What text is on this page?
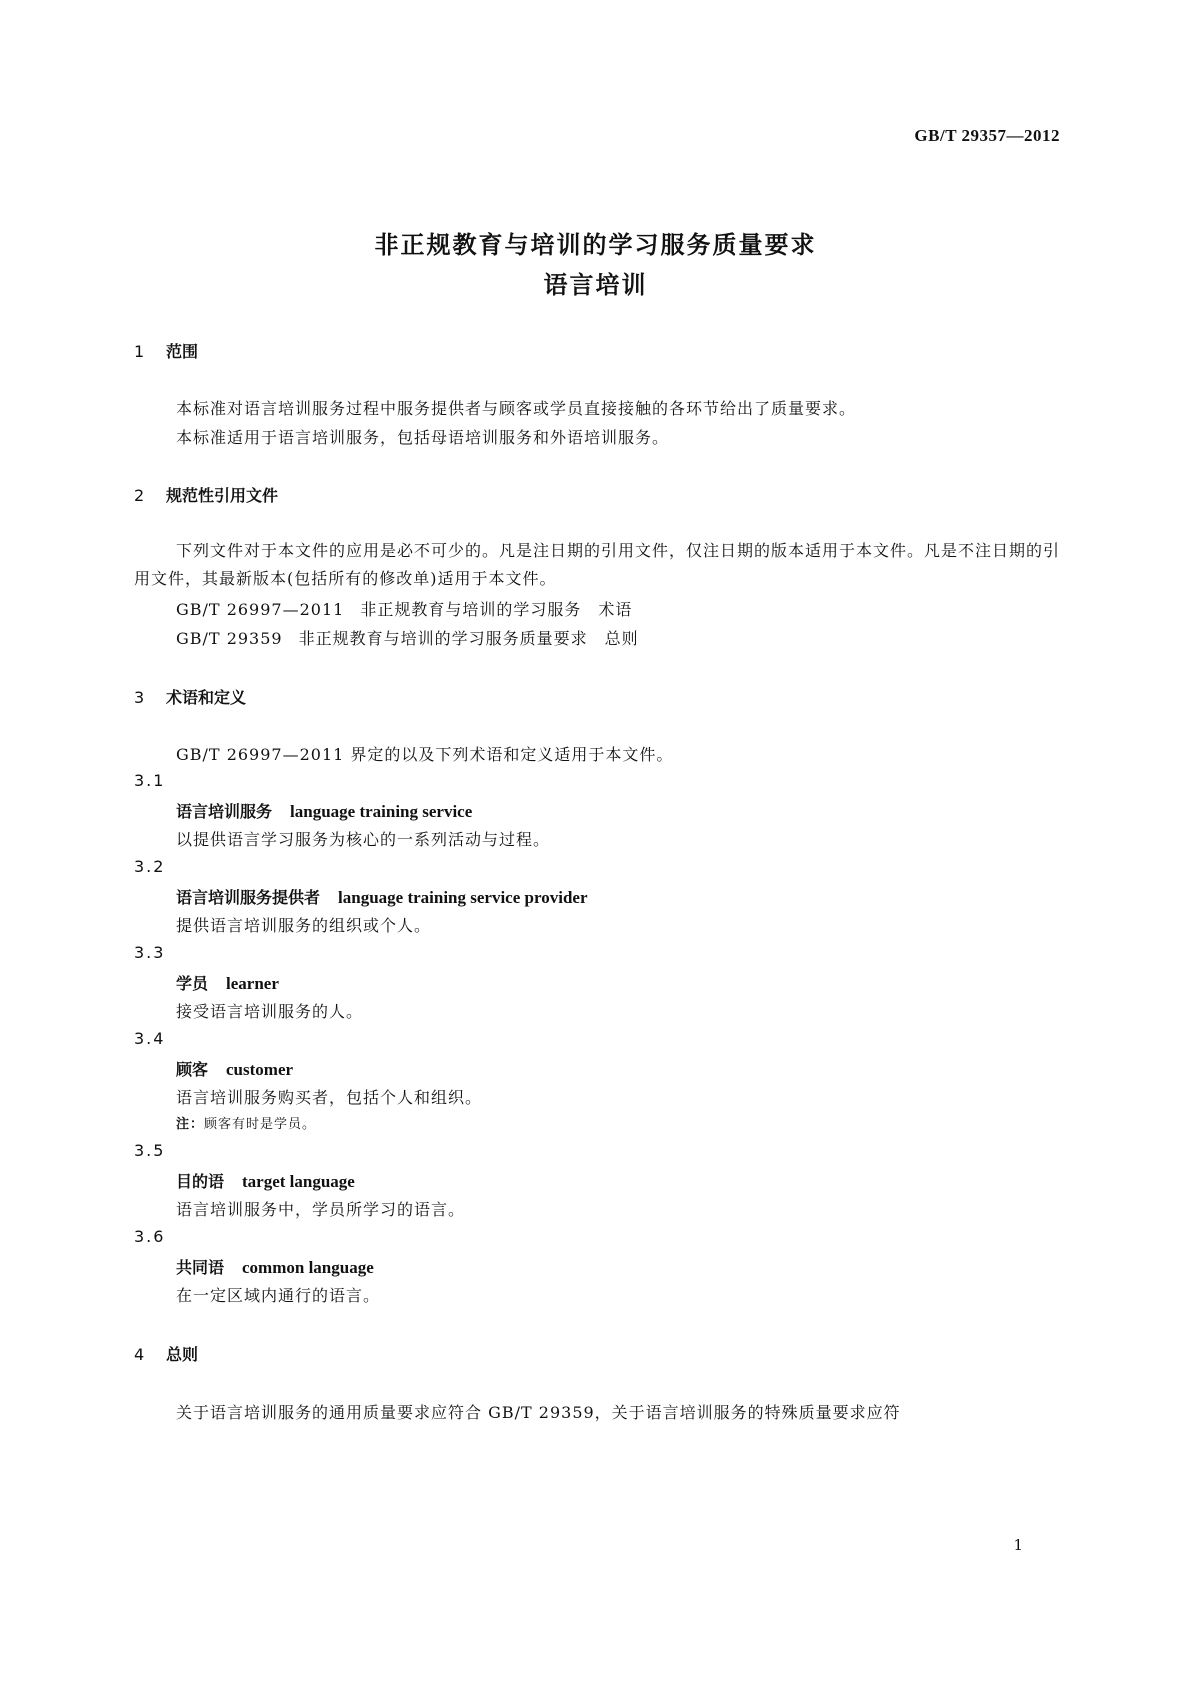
GB/T 29357—2012
非正规教育与培训的学习服务质量要求
语言培训
1 范围
本标准对语言培训服务过程中服务提供者与顾客或学员直接接触的各环节给出了质量要求。
本标准适用于语言培训服务，包括母语培训服务和外语培训服务。
2 规范性引用文件
下列文件对于本文件的应用是必不可少的。凡是注日期的引用文件，仅注日期的版本适用于本文件。凡是不注日期的引用文件，其最新版本(包括所有的修改单)适用于本文件。
GB/T 26997—2011 非正规教育与培训的学习服务　术语
GB/T 29359 非正规教育与培训的学习服务质量要求　总则
3 术语和定义
GB/T 26997—2011 界定的以及下列术语和定义适用于本文件。
3.1
语言培训服务 language training service
以提供语言学习服务为核心的一系列活动与过程。
3.2
语言培训服务提供者 language training service provider
提供语言培训服务的组织或个人。
3.3
学员 learner
接受语言培训服务的人。
3.4
顾客 customer
语言培训服务购买者，包括个人和组织。
注：顾客有时是学员。
3.5
目的语 target language
语言培训服务中，学员所学习的语言。
3.6
共同语 common language
在一定区域内通行的语言。
4 总则
关于语言培训服务的通用质量要求应符合 GB/T 29359，关于语言培训服务的特殊质量要求应符
1
